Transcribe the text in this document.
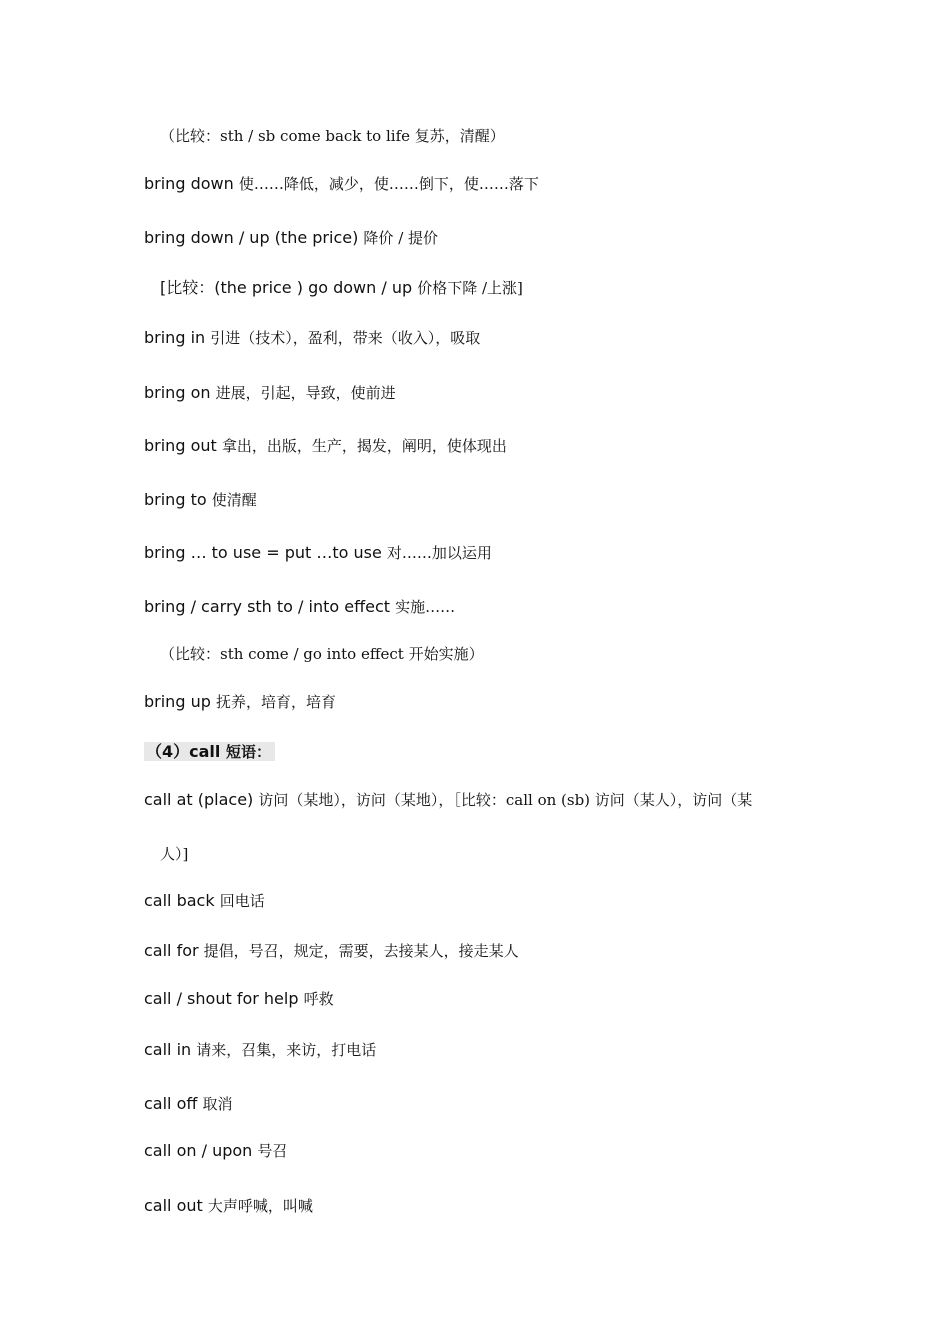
（比较：sth / sb come back to life 复苏，清醒）
bring down 使……降低，减少，使……倒下，使……落下
bring down / up (the price) 降价 / 提价
[比较：(the price ) go down / up 价格下降 /上涨]
bring in 引进（技术），盈利，带来（收入），吸取
bring on 进展，引起，导致，使前进
bring out 拿出，出版，生产，揭发，阐明，使体现出
bring to 使清醒
bring … to use = put …to use 对……加以运用
bring / carry sth to / into effect 实施……
（比较：sth come / go into effect 开始实施）
bring up 抚养，培育，培育
（4）call 短语：
call at (place) 访问（某地），访问（某地），［比较：call on (sb) 访问（某人），访问（某
人）]
call back 回电话
call for 提倡，号召，规定，需要，去接某人，接走某人
call / shout for help 呼救
call in 请来，召集，来访，打电话
call off 取消
call on / upon 号召
call out 大声呼喊，叫喊
